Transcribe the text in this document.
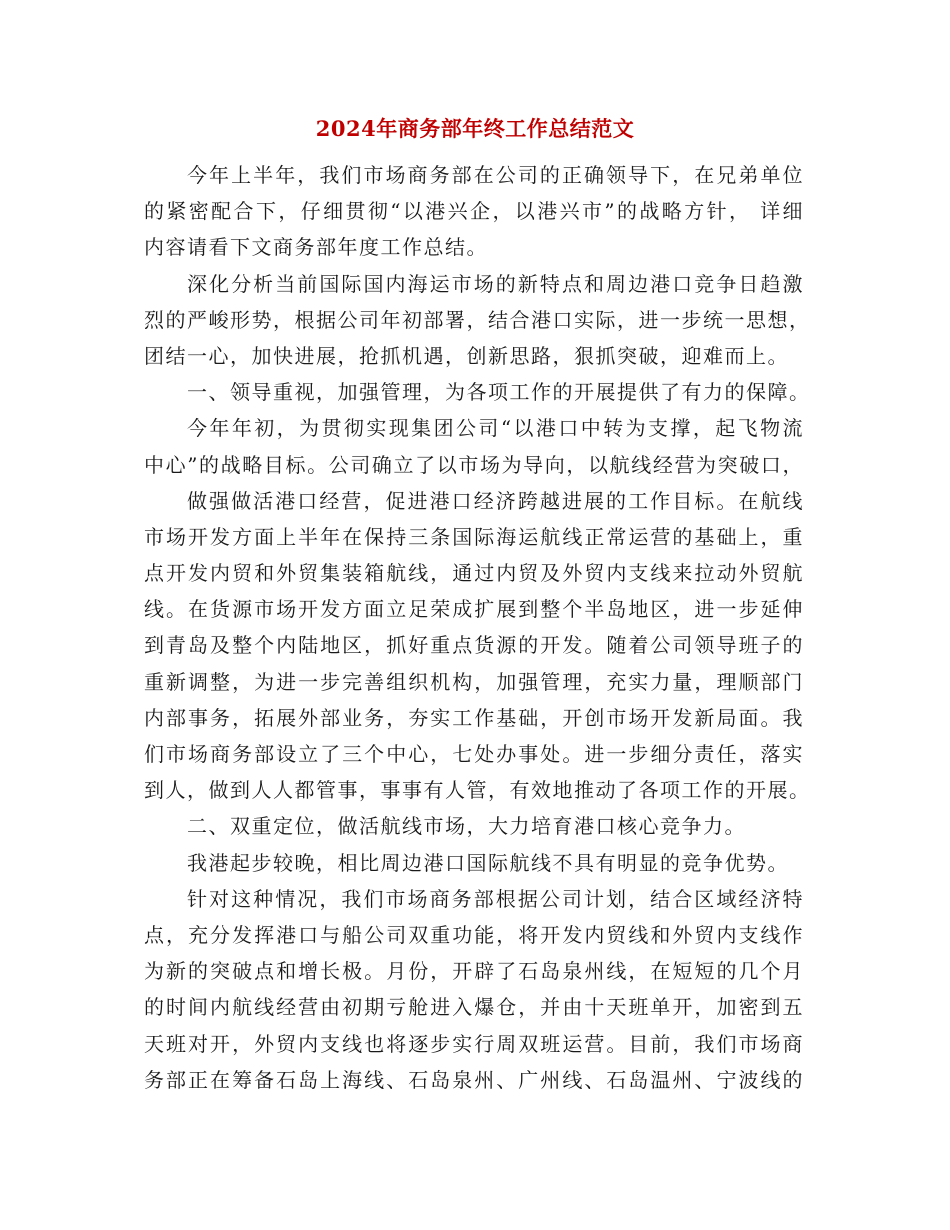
2024年商务部年终工作总结范文
今年上半年，我们市场商务部在公司的正确领导下，在兄弟单位
的紧密配合下，仔细贯彻“以港兴企，以港兴市”的战略方针， 详细
内容请看下文商务部年度工作总结。
深化分析当前国际国内海运市场的新特点和周边港口竞争日趋激
烈的严峻形势，根据公司年初部署，结合港口实际，进一步统一思想，
团结一心，加快进展，抢抓机遇，创新思路，狠抓突破，迎难而上。
一、领导重视，加强管理，为各项工作的开展提供了有力的保障。
今年年初，为贯彻实现集团公司“以港口中转为支撑，起飞物流
中心”的战略目标。公司确立了以市场为导向，以航线经营为突破口，
做强做活港口经营，促进港口经济跨越进展的工作目标。在航线
市场开发方面上半年在保持三条国际海运航线正常运营的基础上，重
点开发内贸和外贸集装箱航线，通过内贸及外贸内支线来拉动外贸航
线。在货源市场开发方面立足荣成扩展到整个半岛地区，进一步延伸
到青岛及整个内陆地区，抓好重点货源的开发。随着公司领导班子的
重新调整，为进一步完善组织机构，加强管理，充实力量，理顺部门
内部事务，拓展外部业务，夯实工作基础，开创市场开发新局面。我
们市场商务部设立了三个中心，七处办事处。进一步细分责任，落实
到人，做到人人都管事，事事有人管，有效地推动了各项工作的开展。
二、双重定位，做活航线市场，大力培育港口核心竞争力。
我港起步较晚，相比周边港口国际航线不具有明显的竞争优势。
针对这种情况，我们市场商务部根据公司计划，结合区域经济特
点，充分发挥港口与船公司双重功能，将开发内贸线和外贸内支线作
为新的突破点和增长极。月份，开辟了石岛泉州线，在短短的几个月
的时间内航线经营由初期亏舱进入爆仓，并由十天班单开，加密到五
天班对开，外贸内支线也将逐步实行周双班运营。目前，我们市场商
务部正在筹备石岛上海线、石岛泉州、广州线、石岛温州、宁波线的
